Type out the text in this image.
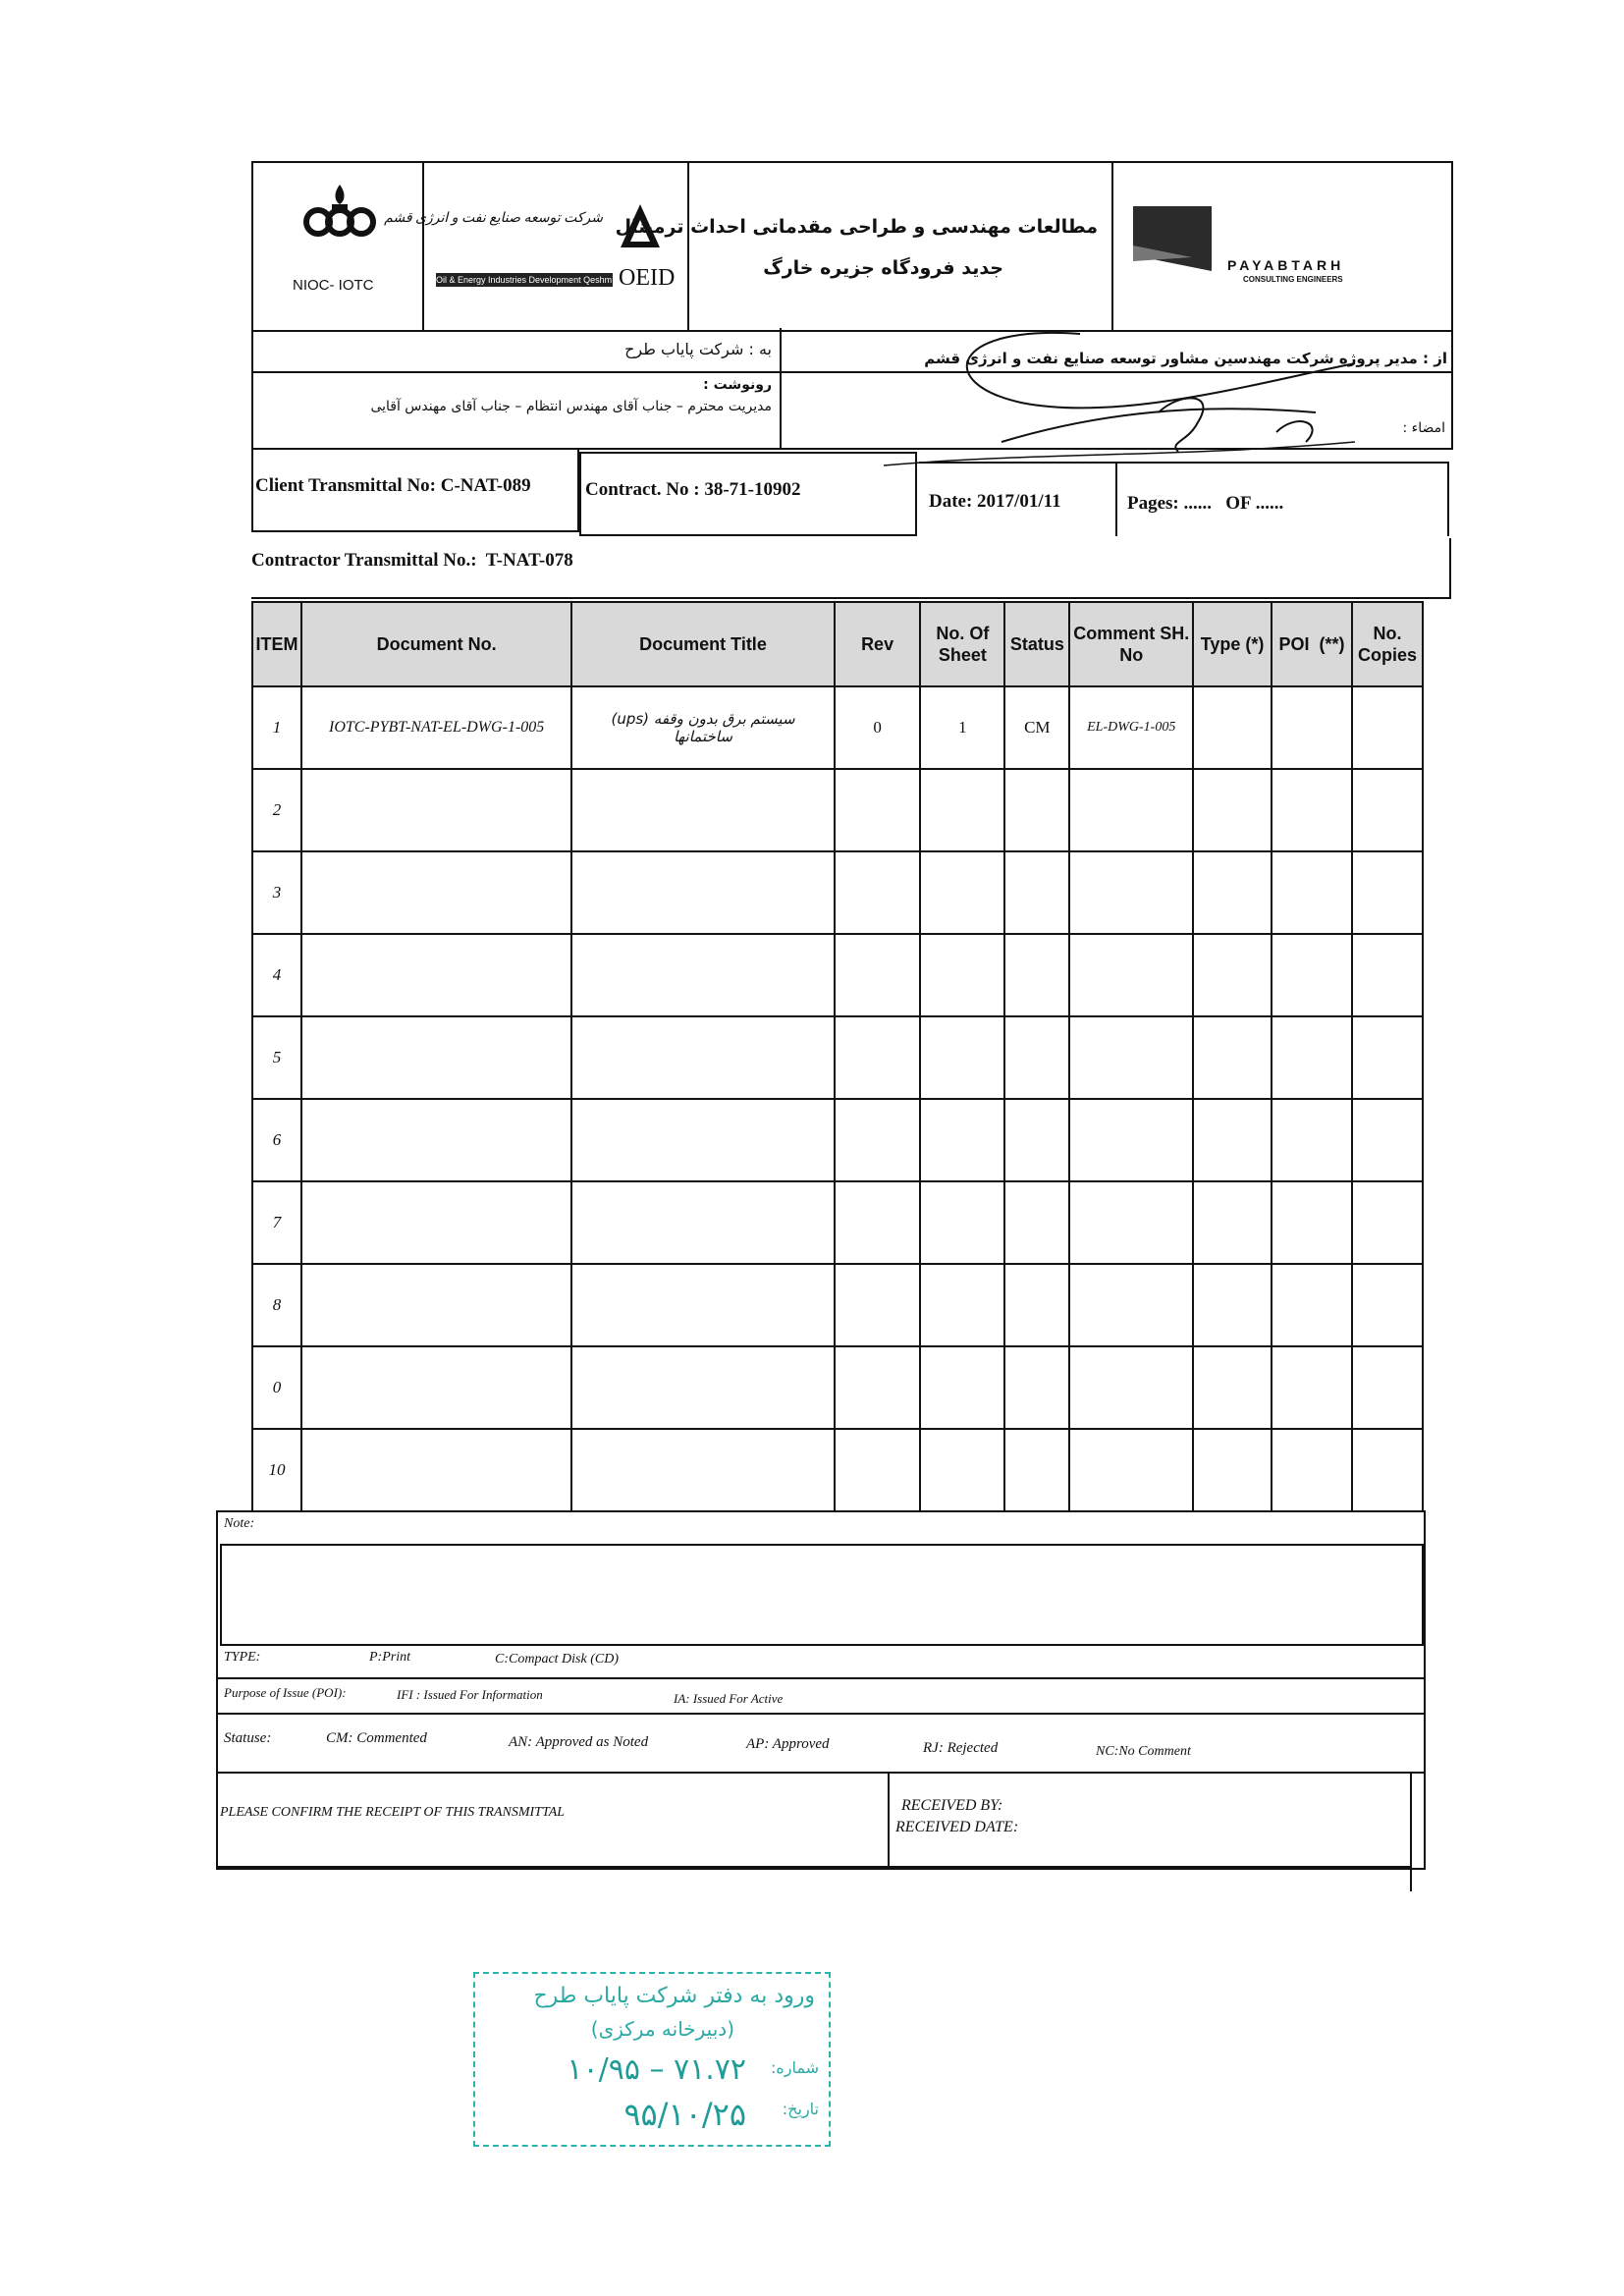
NIOC- IOTC
شرکت توسعه صنایع نفت و انرژی قشم
Oil & Energy Industries Development Qeshm OEID
مطالعات مهندسی و طراحی مقدماتی احداث ترمینال
جدید فرودگاه جزیره خارگ	PAYABTARH
CONSULTING ENGINEERS
به : شرکت پایاب طرح	از : مدیر پروژه شرکت مهندسین مشاور توسعه صنایع نفت و انرژی قشم
رونوشت :
مدیریت محترم – جناب آقای مهندس انتظام – جناب آقای مهندس آقایی
امضاء :
Client Transmittal No: C-NAT-089	Contract. No : 38-71-10902
Date: 2017/01/11	Pages: ......   OF ......
Contractor Transmittal No.:  T-NAT-078
ITEM	Document No.	Document Title	Rev	No. Of Sheet	Status	Comment SH. No	Type (*)	POI  (**)	No. Copies
1	IOTC-PYBT-NAT-EL-DWG-1-005	سیستم برق بدون وقفه (ups) ساختمانها	0	1	CM	EL-DWG-1-005			
2									
3									
4									
5									
6									
7									
8									
0									
10									
Note:
TYPE:	P:Print	C:Compact Disk (CD)
Purpose of Issue (POI):	IFI : Issued For Information	IA: Issued For Active
Statuse:	CM: Commented	AN: Approved as Noted	AP: Approved	RJ: Rejected	NC:No Comment
PLEASE CONFIRM THE RECEIPT OF THIS TRANSMITTAL	RECEIVED BY:
RECEIVED DATE:
ورود به دفتر شرکت پایاب طرح
(دبیرخانه مرکزی)
شماره:
۱۰/۹۵ – ۷۱.۷۲
تاریخ:
۹۵/۱۰/۲۵
